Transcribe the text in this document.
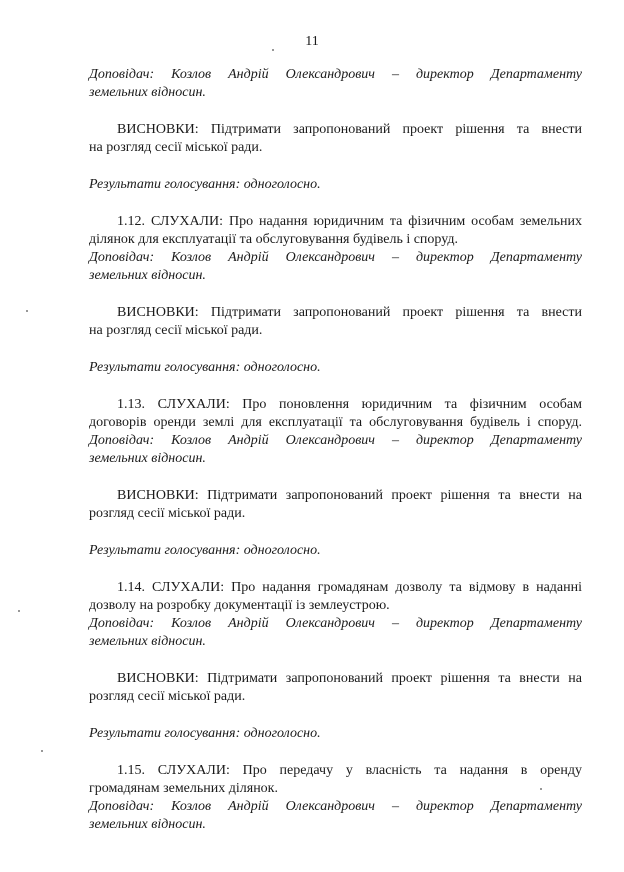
11
Доповідач: Козлов Андрій Олександрович – директор Департаменту
земельних відносин.
ВИСНОВКИ: Підтримати запропонований проект рішення та внести
на розгляд сесії міської ради.
Результати голосування: одноголосно.
1.12. СЛУХАЛИ: Про надання юридичним та фізичним особам земельних
ділянок для експлуатації та обслуговування будівель і споруд.
Доповідач: Козлов Андрій Олександрович – директор Департаменту
земельних відносин.
ВИСНОВКИ: Підтримати запропонований проект рішення та внести
на розгляд сесії міської ради.
Результати голосування: одноголосно.
1.13. СЛУХАЛИ: Про поновлення юридичним та фізичним особам
договорів оренди землі для експлуатації та обслуговування будівель і споруд.
Доповідач: Козлов Андрій Олександрович – директор Департаменту
земельних відносин.
ВИСНОВКИ: Підтримати запропонований проект рішення та внести на
розгляд сесії міської ради.
Результати голосування: одноголосно.
1.14. СЛУХАЛИ: Про надання громадянам дозволу та відмову в наданні
дозволу на розробку документації із землеустрою.
Доповідач: Козлов Андрій Олександрович – директор Департаменту
земельних відносин.
ВИСНОВКИ: Підтримати запропонований проект рішення та внести на
розгляд сесії міської ради.
Результати голосування: одноголосно.
1.15. СЛУХАЛИ: Про передачу у власність та надання в оренду
громадянам земельних ділянок.
Доповідач: Козлов Андрій Олександрович – директор Департаменту
земельних відносин.
